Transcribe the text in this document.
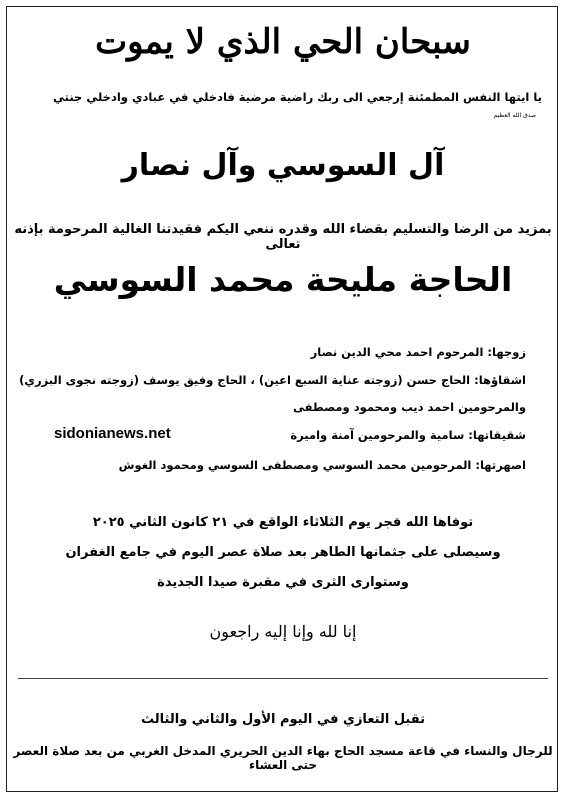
سبحان الحي الذي لا يموت
يا ايتها النفس المطمئنة إرجعي الى ربك راضية مرضية فادخلي في عبادي وادخلي جنتي
صدق الله العظيم
آل السوسي وآل نصار
بمزيد من الرضا والتسليم بقضاء الله وقدره ننعي اليكم فقيدتنا الغالية المرحومة بإذنه تعالى
الحاجة مليحة محمد السوسي
زوجها: المرحوم احمد محي الدين نصار
اشقاؤها: الحاج حسن (زوجته عناية السبع اعين) ، الحاج وفيق يوسف (زوجته نجوى البزري)
والمرحومين احمد ديب ومحمود ومصطفى
شقيقاتها: سامية والمرحومين آمنة واميرة
اصهرتها: المرحومين محمد السوسي ومصطفى السوسي ومحمود الغوش
sidonianews.net
توفاها الله فجر يوم الثلاثاء الواقع في ٢١ كانون الثاني ٢٠٢٥
وسيصلى على جثمانها الطاهر بعد صلاة عصر اليوم في جامع الغفران
وستوارى الثرى في مقبرة صيدا الجديدة
إنا لله وإنا إليه راجعون
تقبل التعازي في اليوم الأول والثاني والثالث
للرجال والنساء في قاعة مسجد الحاج بهاء الدين الحريري المدخل الغربي من بعد صلاة العصر حتى العشاء
